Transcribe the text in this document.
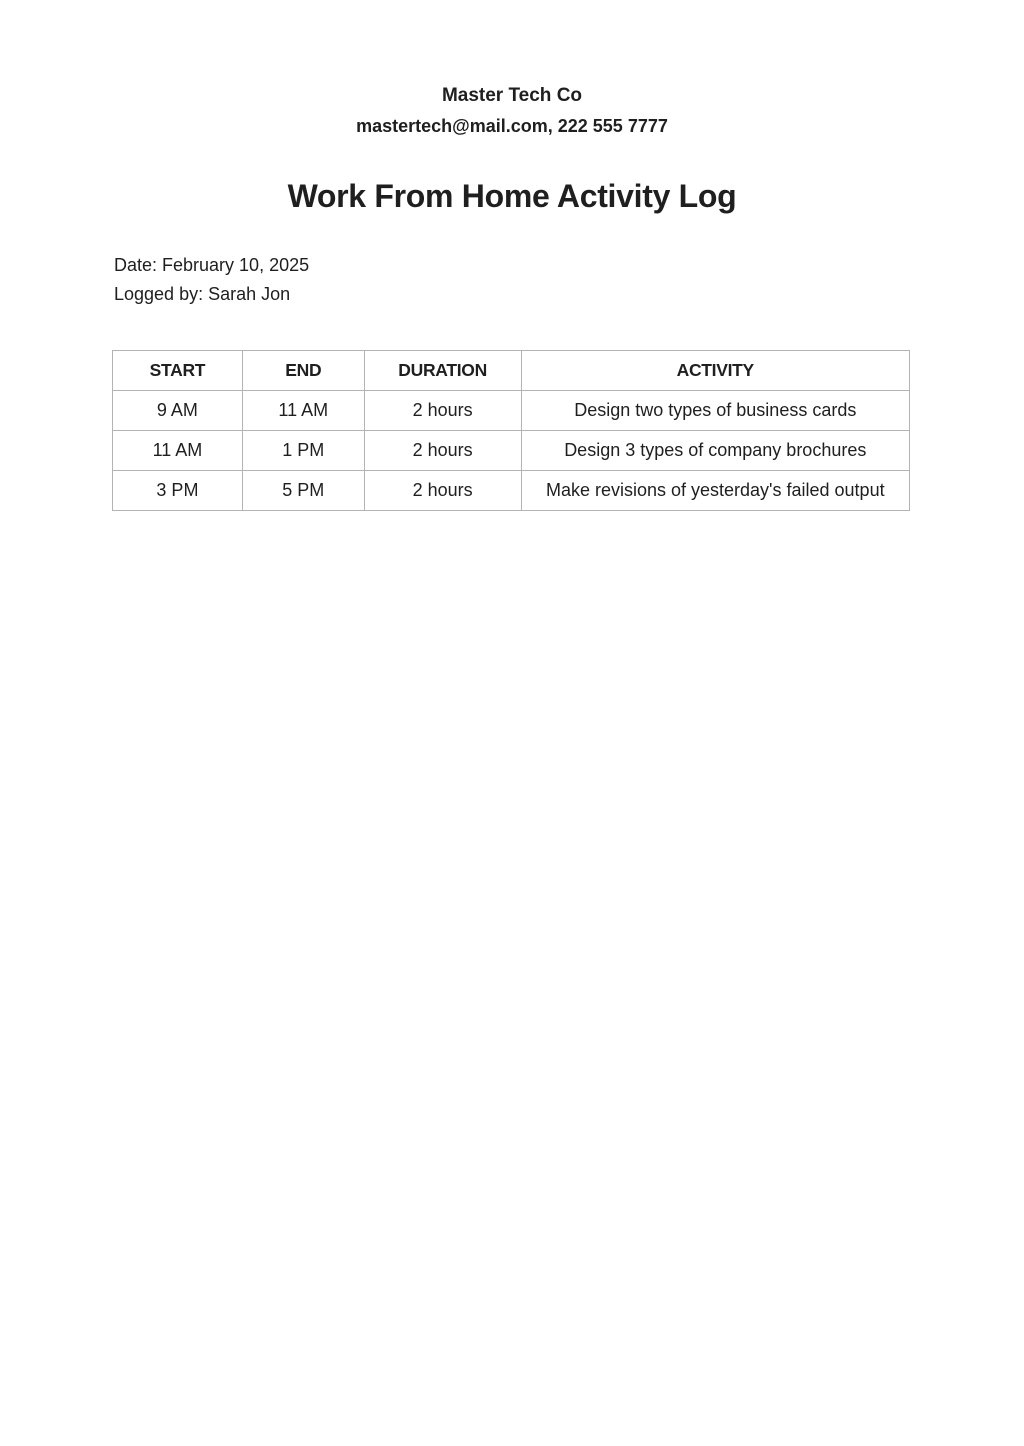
Master Tech Co
mastertech@mail.com, 222 555 7777
Work From Home Activity Log
Date: February 10, 2025
Logged by: Sarah Jon
START	END	DURATION	ACTIVITY
9 AM	11 AM	2 hours	Design two types of business cards
11 AM	1 PM	2 hours	Design 3 types of company brochures
3 PM	5 PM	2 hours	Make revisions of yesterday's failed output
